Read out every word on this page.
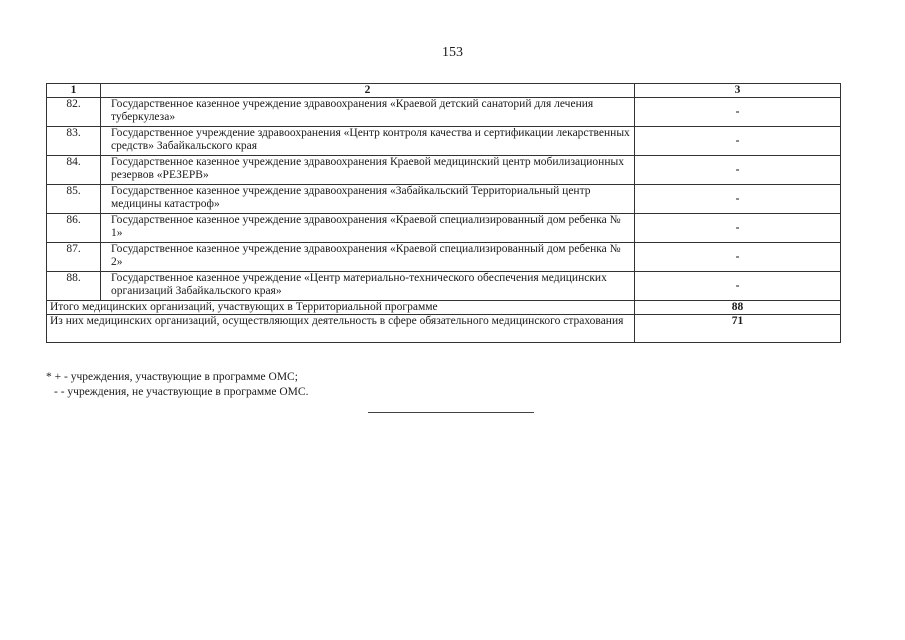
153
1	2	3
82.	Государственное казенное учреждение здравоохранения «Краевой детский санаторий для лечения туберкулеза»	-
83.	Государственное учреждение здравоохранения «Центр контроля качества и сертификации лекарственных средств» Забайкальского края	-
84.	Государственное казенное учреждение здравоохранения Краевой медицинский центр мобилизационных резервов «РЕЗЕРВ»	-
85.	Государственное казенное учреждение здравоохранения «Забайкальский Территориальный центр медицины катастроф»	-
86.	Государственное казенное учреждение здравоохранения «Краевой специализированный дом ребенка № 1»	-
87.	Государственное казенное учреждение здравоохранения «Краевой специализированный дом ребенка № 2»	-
88.	Государственное казенное учреждение «Центр материально-технического обеспечения медицинских организаций Забайкальского края»	-
Итого медицинских организаций, участвующих в Территориальной программе		88
Из них медицинских организаций, осуществляющих деятельность в сфере обязательного медицинского страхования		71
* + - учреждения, участвующие в программе ОМС;
- - учреждения, не участвующие в программе ОМС.
